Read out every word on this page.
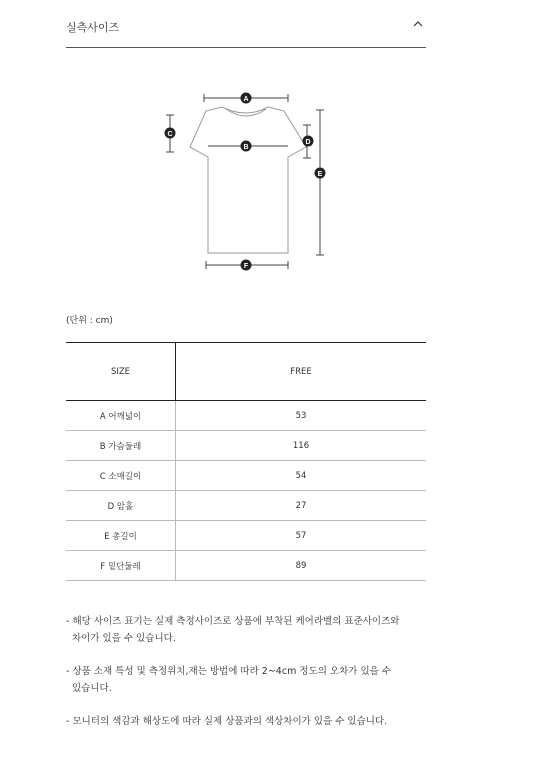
실측사이즈
A
B
C
D
E
F
(단위 : cm)
SIZE	FREE
A 어깨넓이	53
B 가슴둘레	116
C 소매길이	54
D 암홀	27
E 총길이	57
F 밑단둘레	89

- 해당 사이즈 표기는 실제 측정사이즈로 상품에 부착된 케어라벨의 표준사이즈와
차이가 있을 수 있습니다.

- 상품 소재 특성 및 측정위치,재는 방법에 따라 2~4cm 정도의 오차가 있을 수
있습니다.

- 모니터의 색감과 해상도에 따라 실제 상품과의 색상차이가 있을 수 있습니다.
